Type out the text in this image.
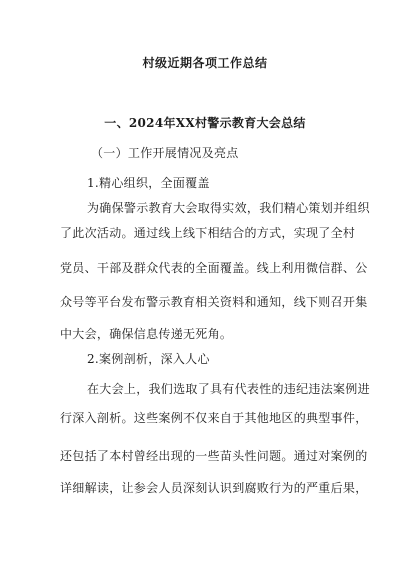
村级近期各项工作总结
一、2024年XX村警示教育大会总结
（一）工作开展情况及亮点
1.精心组织，全面覆盖
为确保警示教育大会取得实效，我们精心策划并组织
了此次活动。通过线上线下相结合的方式，实现了全村
党员、干部及群众代表的全面覆盖。线上利用微信群、公
众号等平台发布警示教育相关资料和通知，线下则召开集
中大会，确保信息传递无死角。
2.案例剖析，深入人心
在大会上，我们选取了具有代表性的违纪违法案例进
行深入剖析。这些案例不仅来自于其他地区的典型事件，
还包括了本村曾经出现的一些苗头性问题。通过对案例的
详细解读，让参会人员深刻认识到腐败行为的严重后果，
